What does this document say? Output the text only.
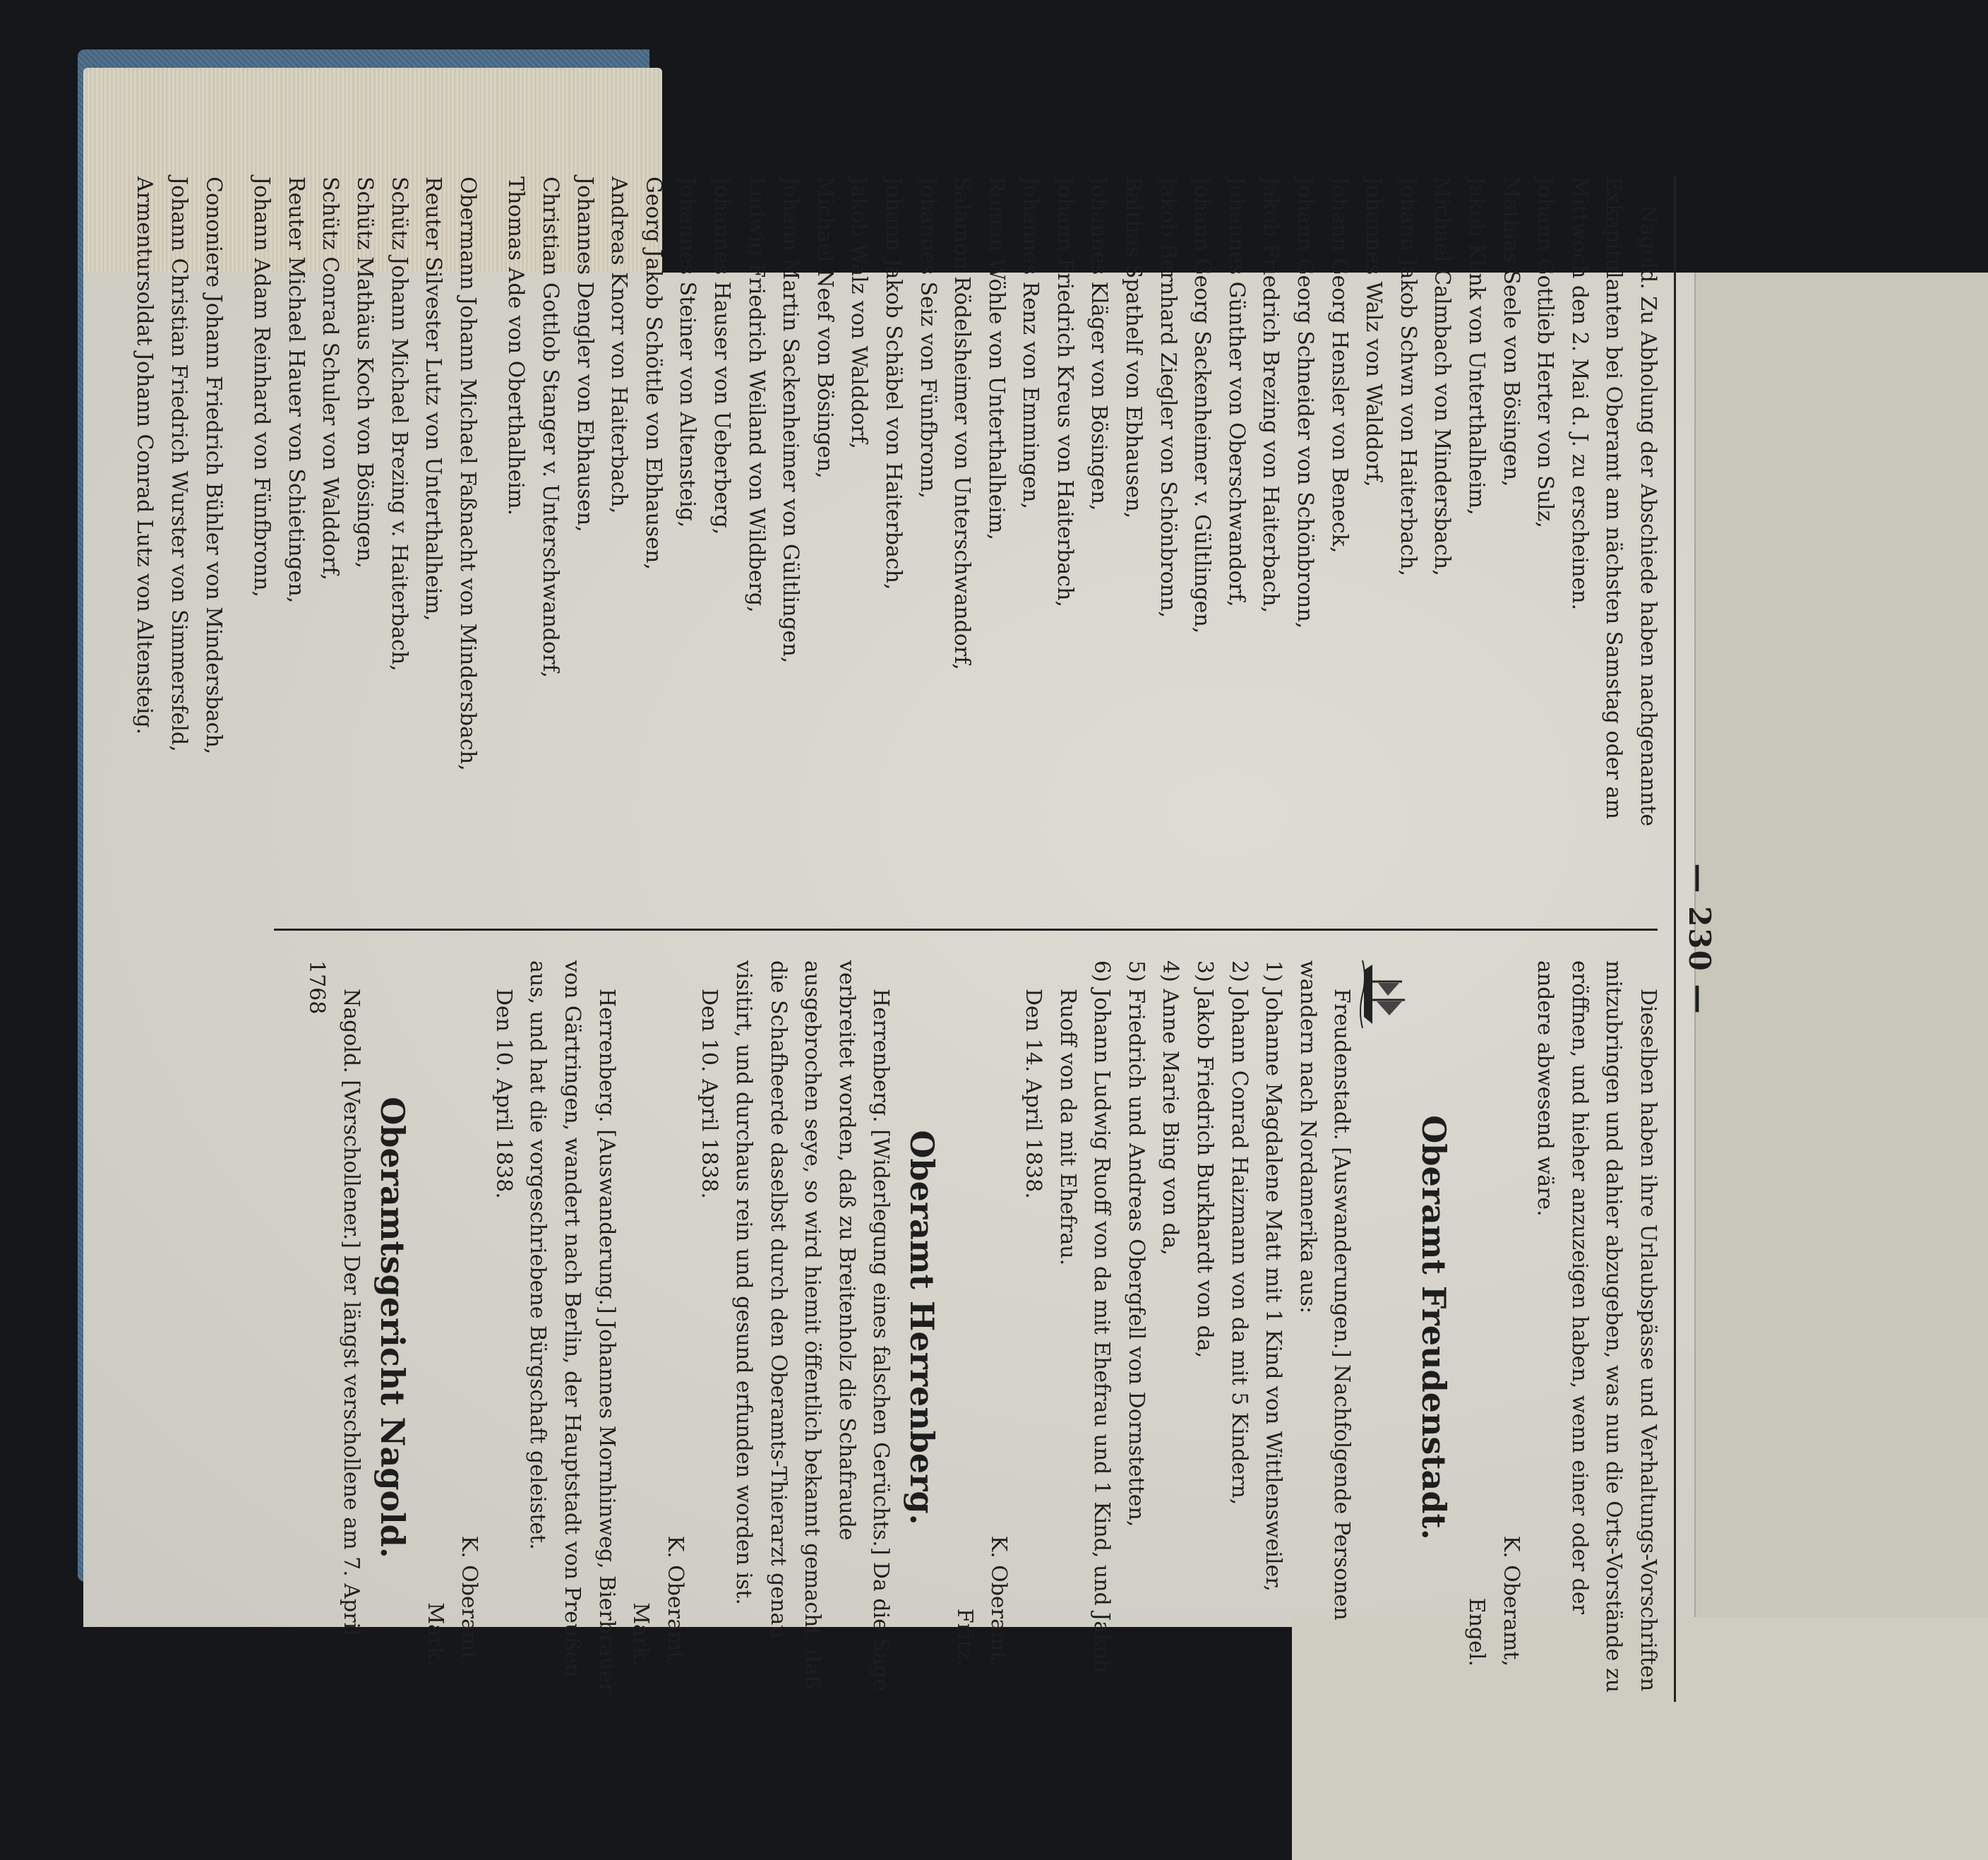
— 230 —

Nagold. Zu Abholung der Abschiede haben nachgenannte Exkapitulanten bei Oberamt am nächsten Samstag oder am Mittwoch den 2. Mai d. J. zu erscheinen.

Johann Gottlieb Herter von Sulz,

Mathias Seele von Bösingen,

Jakob Klink von Unterthalheim,

Michael Calmbach von Mindersbach,

Johann Jakob Schwn von Haiterbach,

Johannes Walz von Walddorf,

Johann Georg Hensler von Beneck,

Johann Georg Schneider von Schönbronn,

Jakob Friedrich Brezing von Haiterbach,

Johannes Günther von Oberschwandorf,

Johann Georg Sackenheimer v. Gültlingen,

Jakob Bernhard Ziegler von Schönbronn,

Balthas Spathelf von Ebhausen,

Johannes Kläger von Bösingen,

Johann Friedrich Kreus von Haiterbach,

Johannes Renz von Emmingen,

Roman Wöhle von Unterthalheim,

Salamon Rödelsheimer von Unterschwandorf,

Johannes Seiz von Fünfbronn,

Johann Jakob Schäbel von Haiterbach,

Jakob Walz von Walddorf,

Michael Neef von Bösingen,

Johann Martin Sackenheimer von Gültlingen,

Ludwig Friedrich Weiland von Wildberg,

Johannes Hauser von Ueberberg,

Johannes Steiner von Altensteig,

Georg Jakob Schöttle von Ebhausen,

Andreas Knorr von Haiterbach,

Johannes Dengler von Ebhausen,

Christian Gottlob Stanger v. Unterschwandorf,

Thomas Ade von Oberthalheim.

Obermann Johann Michael Faßnacht von Mindersbach,

Reuter Silvester Lutz von Unterthalheim,

Schütz Johann Michael Brezing v. Haiterbach,

Schütz Mathäus Koch von Bösingen,

Schütz Conrad Schuler von Walddorf,

Reuter Michael Hauer von Schietingen,

Johann Adam Reinhard von Fünfbronn,

Cononiere Johann Friedrich Bühler von Mindersbach,

Johann Christian Friedrich Wurster von Simmersfeld,

Armentursoldat Johann Conrad Lutz von Altensteig.

Dieselben haben ihre Urlaubspässe und Verhaltungs-Vorschriften mitzubringen und dahier abzugeben, was nun die Orts-Vorstände zu eröffnen, und hieher anzuzeigen haben, wenn einer oder der andere abwesend wäre.

K. Oberamt,

Engel.

Oberamt Freudenstadt.

Freudenstadt. [Auswanderungen.] Nachfolgende Personen wandern nach Nordamerika aus:

1) Johanne Magdalene Matt mit 1 Kind von Wittlensweiler,

2) Johann Conrad Haizmann von da mit 5 Kindern,

3) Jakob Friedrich Burkhardt von da,

4) Anne Marie Bing von da,

5) Friedrich und Andreas Obergfell von Dornstetten,

6) Johann Ludwig Ruoff von da mit Ehefrau und 1 Kind, und Jakob Ruoff von da mit Ehefrau.

Den 14. April 1838.

K. Oberamt,

Fritz.

Oberamt Herrenberg.

Herrenberg. [Widerlegung eines falschen Gerüchts.] Da die Sage verbreitet worden, daß zu Breitenholz die Schafraude ausgebrochen seye, so wird hiemit öffentlich bekannt gemacht, daß die Schafheerde daselbst durch den Oberamts-Thierarzt genau visitirt, und durchaus rein und gesund erfunden worden ist.

Den 10. April 1838.

K. Oberamt,

Mark.

Herrenberg. [Auswanderung.] Johannes Mornhinweg, Bierbrauer von Gärtringen, wandert nach Berlin, der Hauptstadt von Preußen aus, und hat die vorgeschriebene Bürgschaft geleistet.

Den 10. April 1838.

K. Oberamt,

Mark.

Oberamtsgericht Nagold.

Nagold. [Verschollener.] Der längst verschollene am 7. April 1768
